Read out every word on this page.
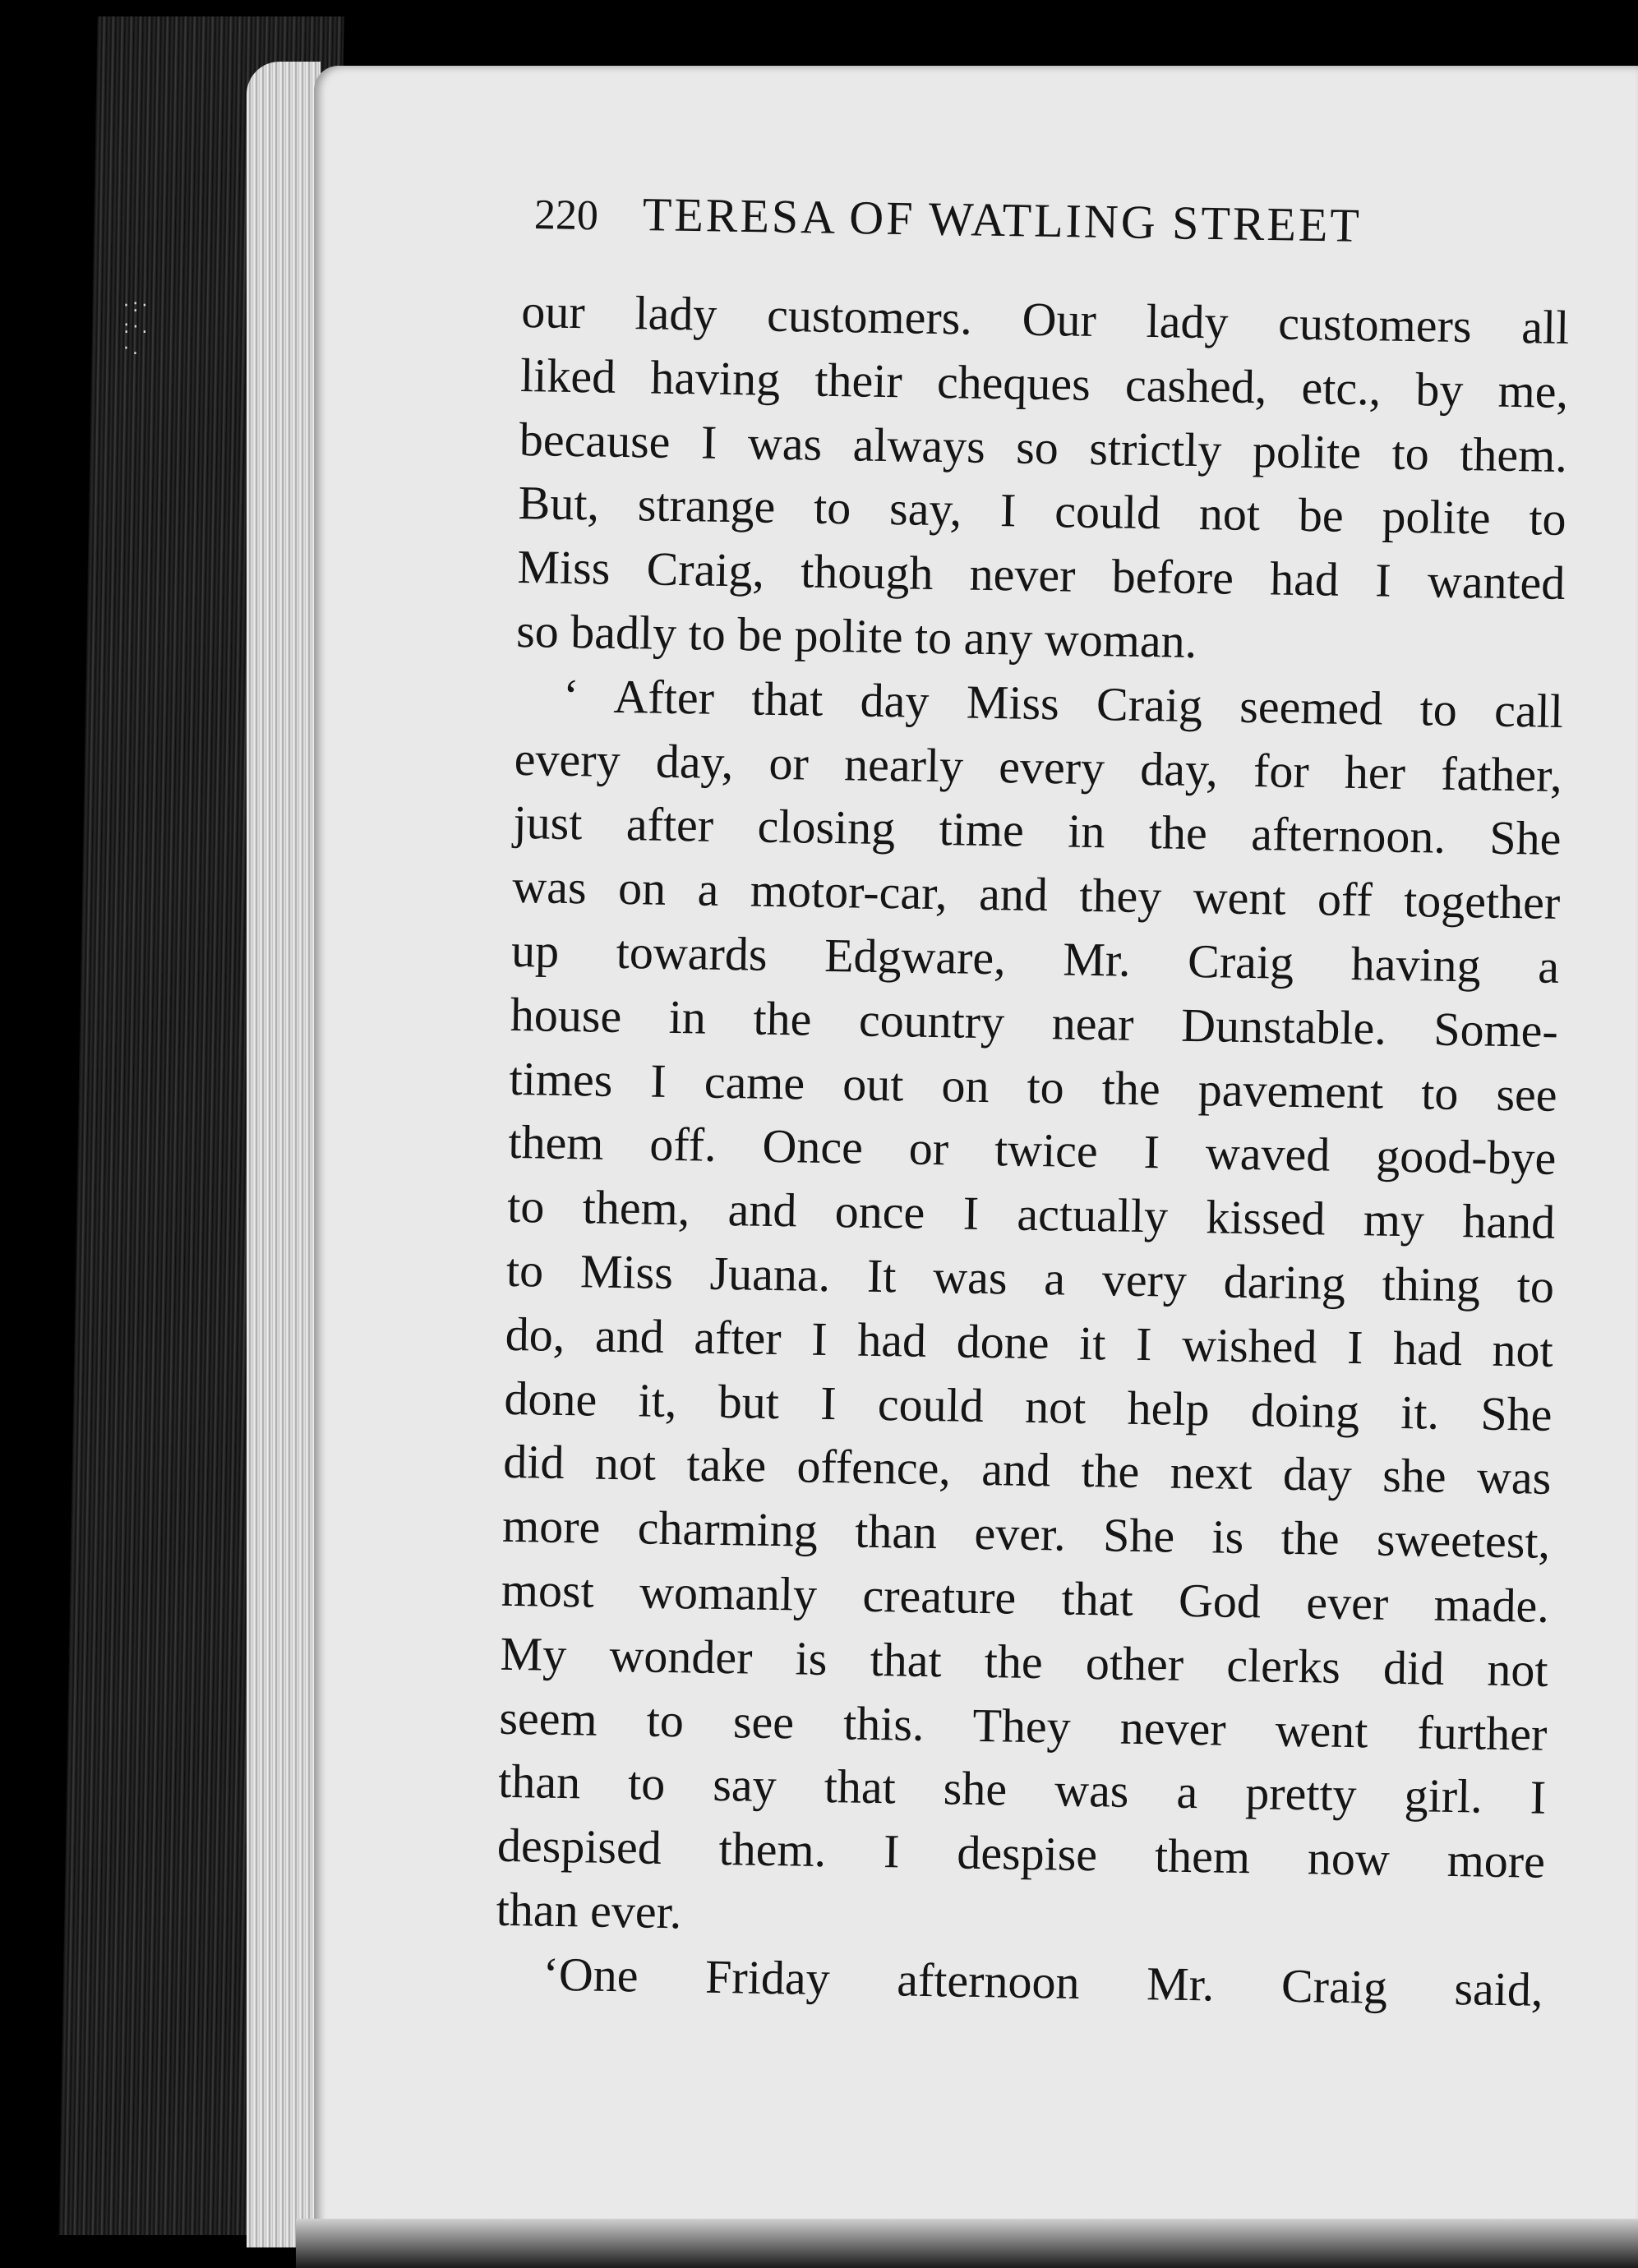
·:·
:·.
·.
220 TERESA OF WATLING STREET
our lady customers. Our lady customers all
liked having their cheques cashed, etc., by me,
because I was always so strictly polite to them.
But, strange to say, I could not be polite to
Miss Craig, though never before had I wanted
so badly to be polite to any woman.
‘ After that day Miss Craig seemed to call
every day, or nearly every day, for her father,
just after closing time in the afternoon. She
was on a motor-car, and they went off together
up towards Edgware, Mr. Craig having a
house in the country near Dunstable. Some-
times I came out on to the pavement to see
them off. Once or twice I waved good-bye
to them, and once I actually kissed my hand
to Miss Juana. It was a very daring thing to
do, and after I had done it I wished I had not
done it, but I could not help doing it. She
did not take offence, and the next day she was
more charming than ever. She is the sweetest,
most womanly creature that God ever made.
My wonder is that the other clerks did not
seem to see this. They never went further
than to say that she was a pretty girl. I
despised them. I despise them now more
than ever.
‘One Friday afternoon Mr. Craig said,
